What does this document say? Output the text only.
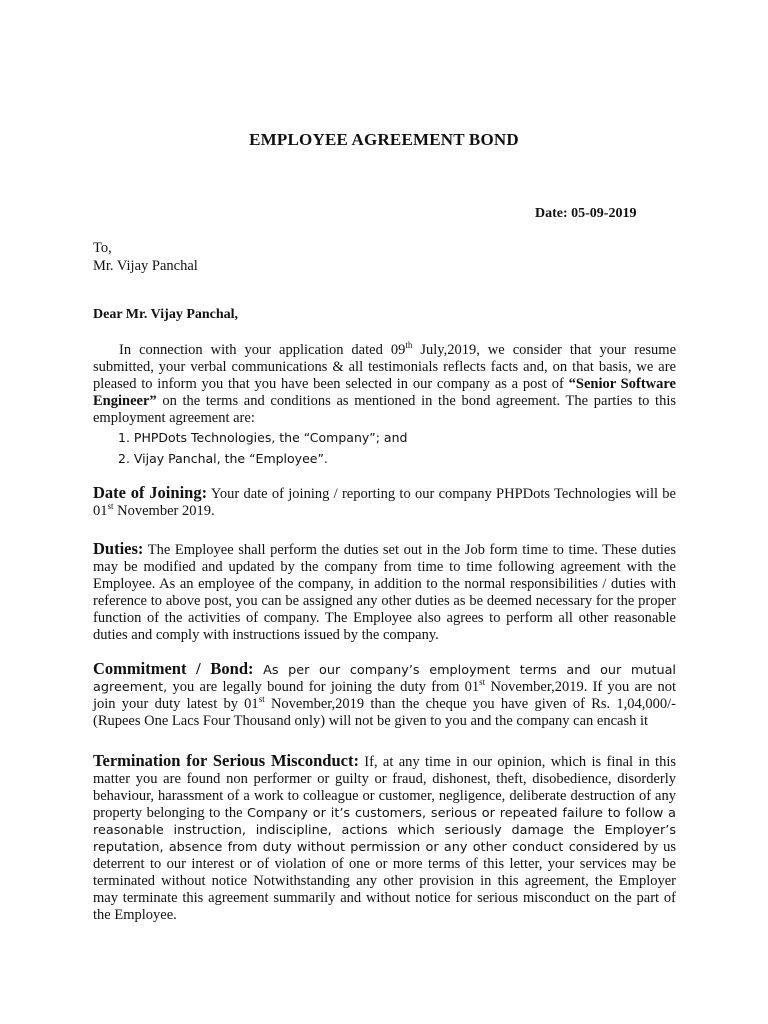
EMPLOYEE AGREEMENT BOND
Date: 05-09-2019
To,
Mr. Vijay Panchal
Dear Mr. Vijay Panchal,
In connection with your application dated 09th July,2019, we consider that your resume submitted, your verbal communications & all testimonials reflects facts and, on that basis, we are pleased to inform you that you have been selected in our company as a post of “Senior Software Engineer” on the terms and conditions as mentioned in the bond agreement. The parties to this employment agreement are:
1. PHPDots Technologies, the “Company”; and
2. Vijay Panchal, the “Employee”.
Date of Joining: Your date of joining / reporting to our company PHPDots Technologies will be 01st November 2019.
Duties: The Employee shall perform the duties set out in the Job form time to time. These duties may be modified and updated by the company from time to time following agreement with the Employee. As an employee of the company, in addition to the normal responsibilities / duties with reference to above post, you can be assigned any other duties as be deemed necessary for the proper function of the activities of company. The Employee also agrees to perform all other reasonable duties and comply with instructions issued by the company.
Commitment / Bond: As per our company’s employment terms and our mutual agreement, you are legally bound for joining the duty from 01st November,2019. If you are not join your duty latest by 01st November,2019 than the cheque you have given of Rs. 1,04,000/- (Rupees One Lacs Four Thousand only) will not be given to you and the company can encash it
Termination for Serious Misconduct: If, at any time in our opinion, which is final in this matter you are found non performer or guilty or fraud, dishonest, theft, disobedience, disorderly behaviour, harassment of a work to colleague or customer, negligence, deliberate destruction of any property belonging to the Company or it’s customers, serious or repeated failure to follow a reasonable instruction, indiscipline, actions which seriously damage the Employer’s reputation, absence from duty without permission or any other conduct considered by us deterrent to our interest or of violation of one or more terms of this letter, your services may be terminated without notice Notwithstanding any other provision in this agreement, the Employer may terminate this agreement summarily and without notice for serious misconduct on the part of the Employee.
